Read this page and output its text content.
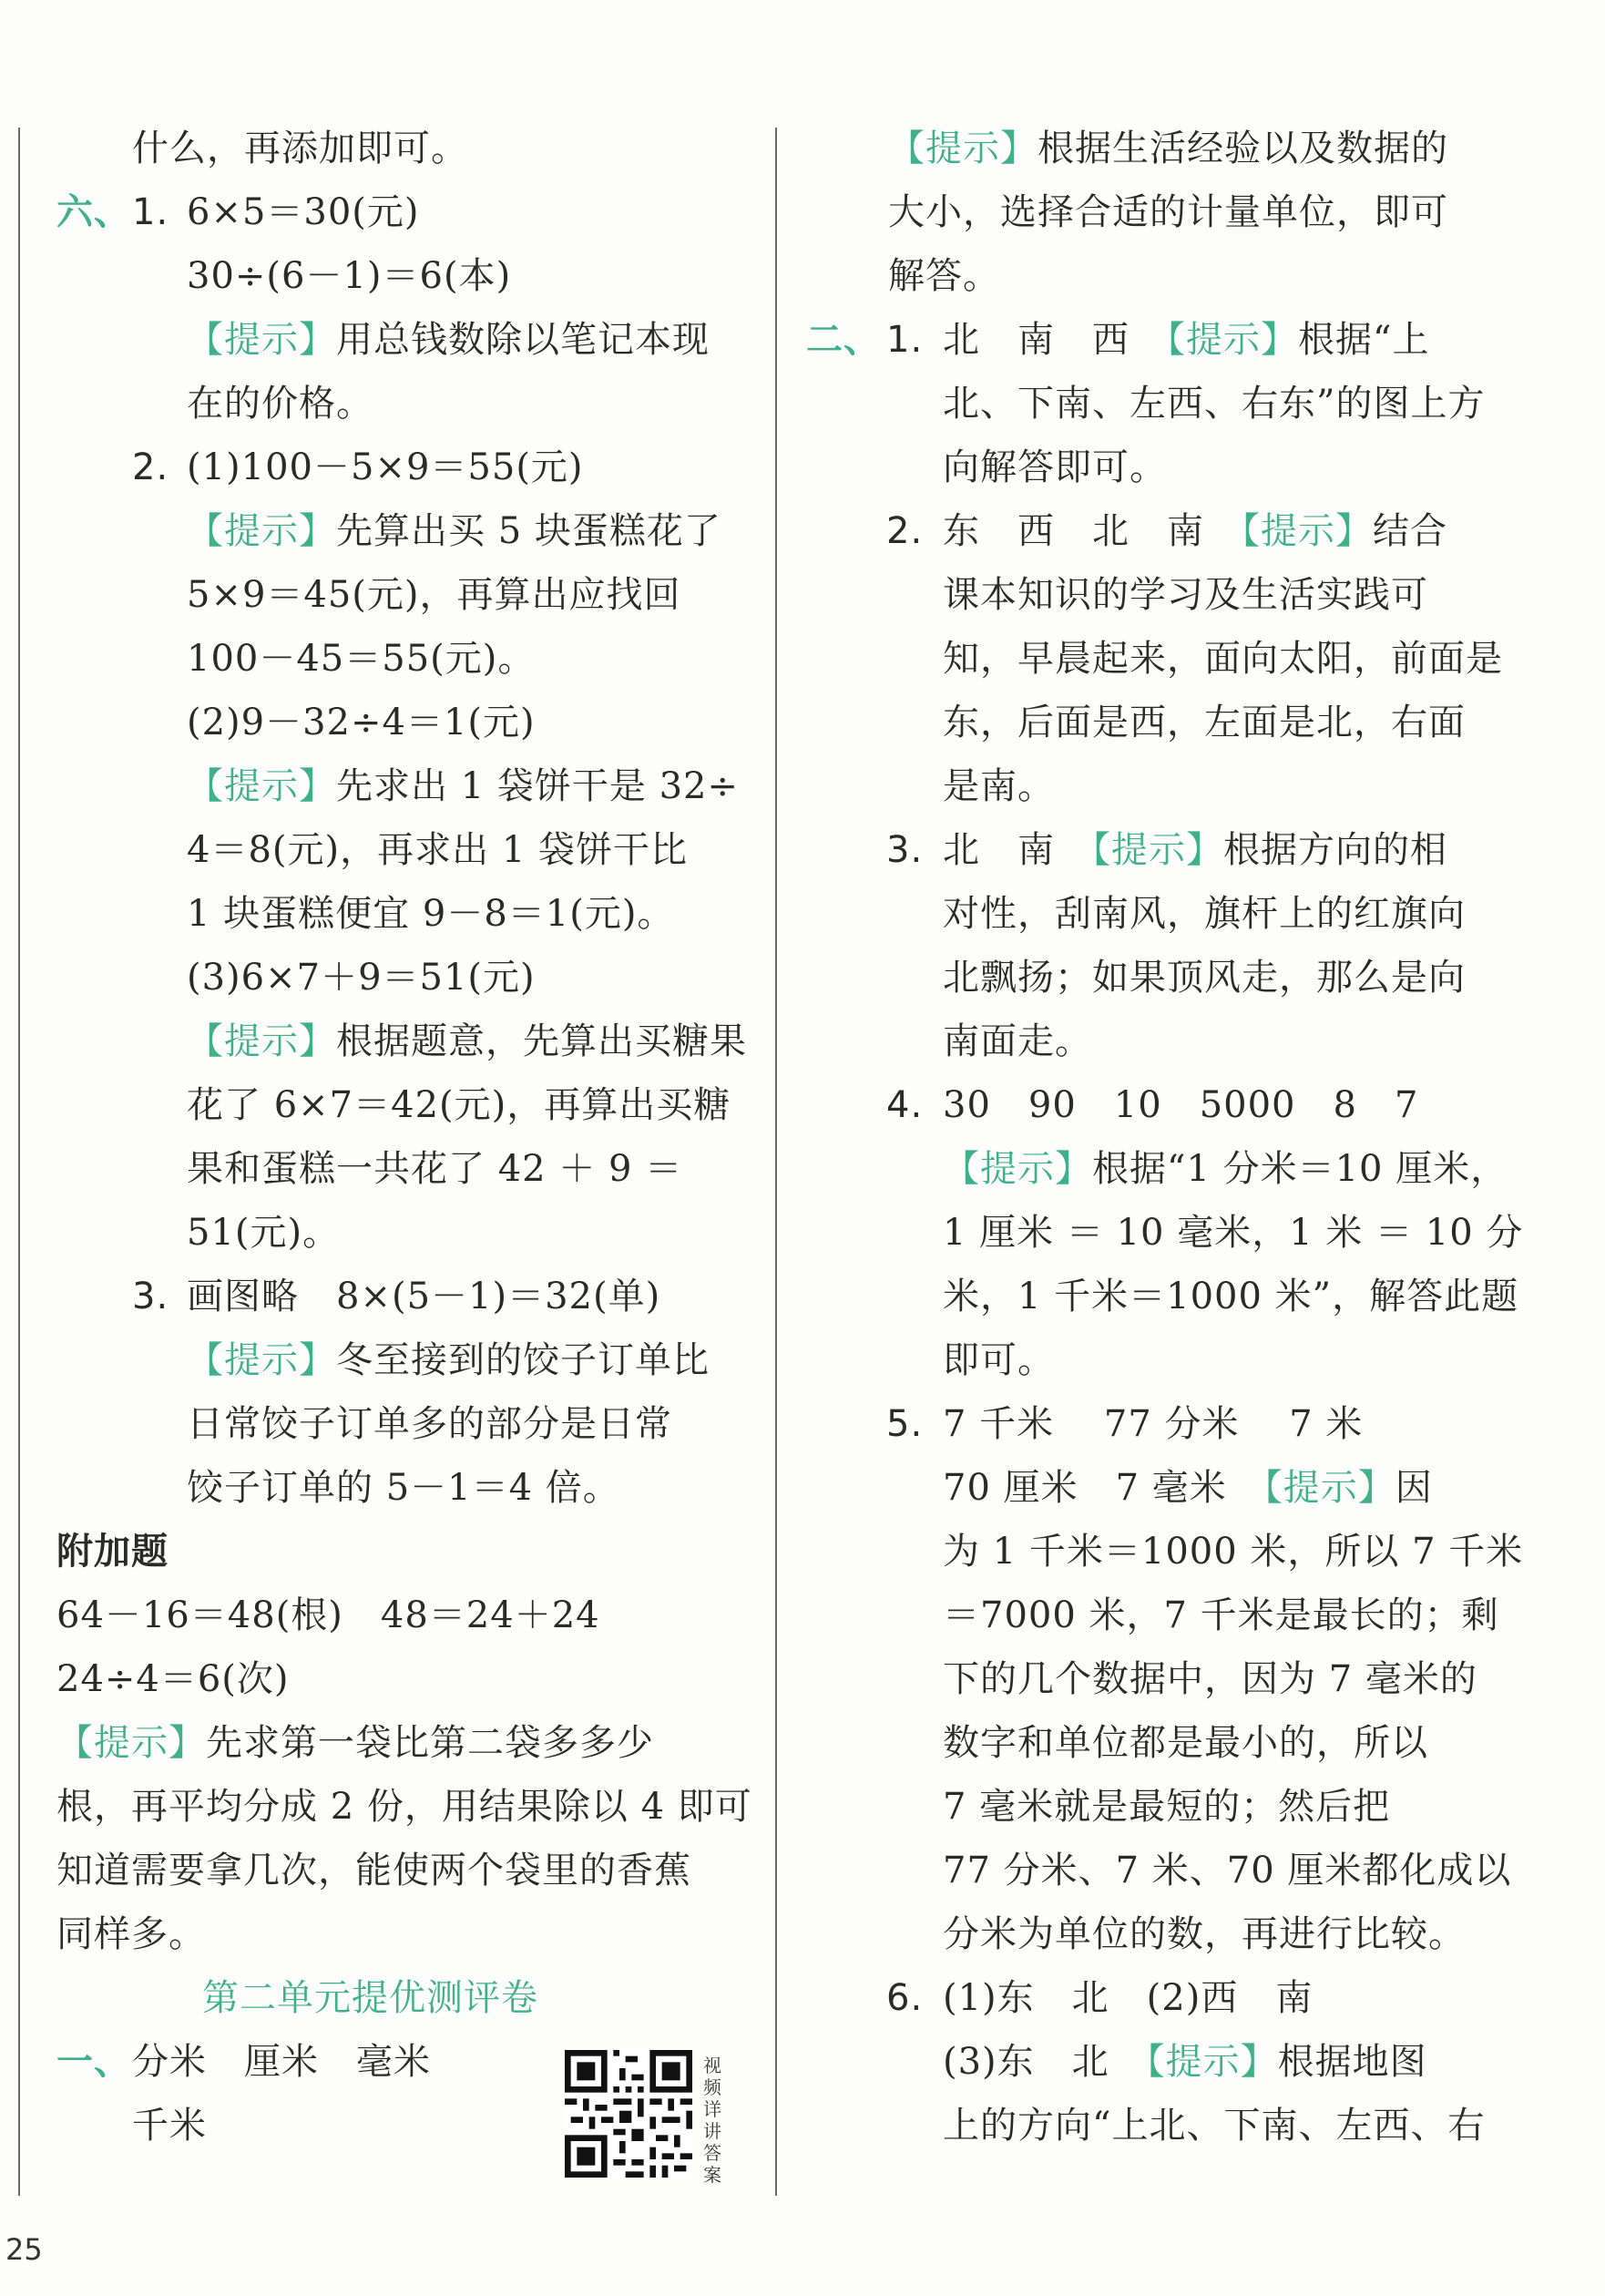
什么，再添加即可。
六、 1. 6×5＝30(元)
30÷(6－1)＝6(本)
【提示】用总钱数除以笔记本现
在的价格。
2. (1)100－5×9＝55(元)
【提示】先算出买 5 块蛋糕花了
5×9＝45(元)，再算出应找回
100－45＝55(元)。
(2)9－32÷4＝1(元)
【提示】先求出 1 袋饼干是 32÷
4＝8(元)，再求出 1 袋饼干比
1 块蛋糕便宜 9－8＝1(元)。
(3)6×7＋9＝51(元)
【提示】根据题意，先算出买糖果
花了 6×7＝42(元)，再算出买糖
果和蛋糕一共花了 42 ＋ 9 ＝
51(元)。
3. 画图略　8×(5－1)＝32(单)
【提示】冬至接到的饺子订单比
日常饺子订单多的部分是日常
饺子订单的 5－1＝4 倍。
附加题
64－16＝48(根)　48＝24＋24
24÷4＝6(次)
【提示】先求第一袋比第二袋多多少
根，再平均分成 2 份，用结果除以 4 即可
知道需要拿几次，能使两个袋里的香蕉
同样多。
第二单元提优测评卷
一、 分米　厘米　毫米
千米
视频详讲答案
25
【提示】根据生活经验以及数据的
大小，选择合适的计量单位，即可
解答。
二、 1. 北　南　西　 【提示】根据“上
北、下南、左西、右东”的图上方
向解答即可。
2. 东　西　北　南　 【提示】结合
课本知识的学习及生活实践可
知，早晨起来，面向太阳，前面是
东，后面是西，左面是北，右面
是南。
3. 北　南　 【提示】根据方向的相
对性，刮南风，旗杆上的红旗向
北飘扬；如果顶风走，那么是向
南面走。
4. 30　90　10　5000　8　7
【提示】根据“1 分米＝10 厘米，
1 厘米 ＝ 10 毫米，1 米 ＝ 10 分
米，1 千米＝1000 米”，解答此题
即可。
5. 7 千米　 77 分米　 7 米
70 厘米　7 毫米　 【提示】因
为 1 千米＝1000 米，所以 7 千米
＝7000 米，7 千米是最长的；剩
下的几个数据中，因为 7 毫米的
数字和单位都是最小的，所以
7 毫米就是最短的；然后把
77 分米、7 米、70 厘米都化成以
分米为单位的数，再进行比较。
6. (1)东　北　(2)西　南
(3)东　北　 【提示】根据地图
上的方向“上北、下南、左西、右
